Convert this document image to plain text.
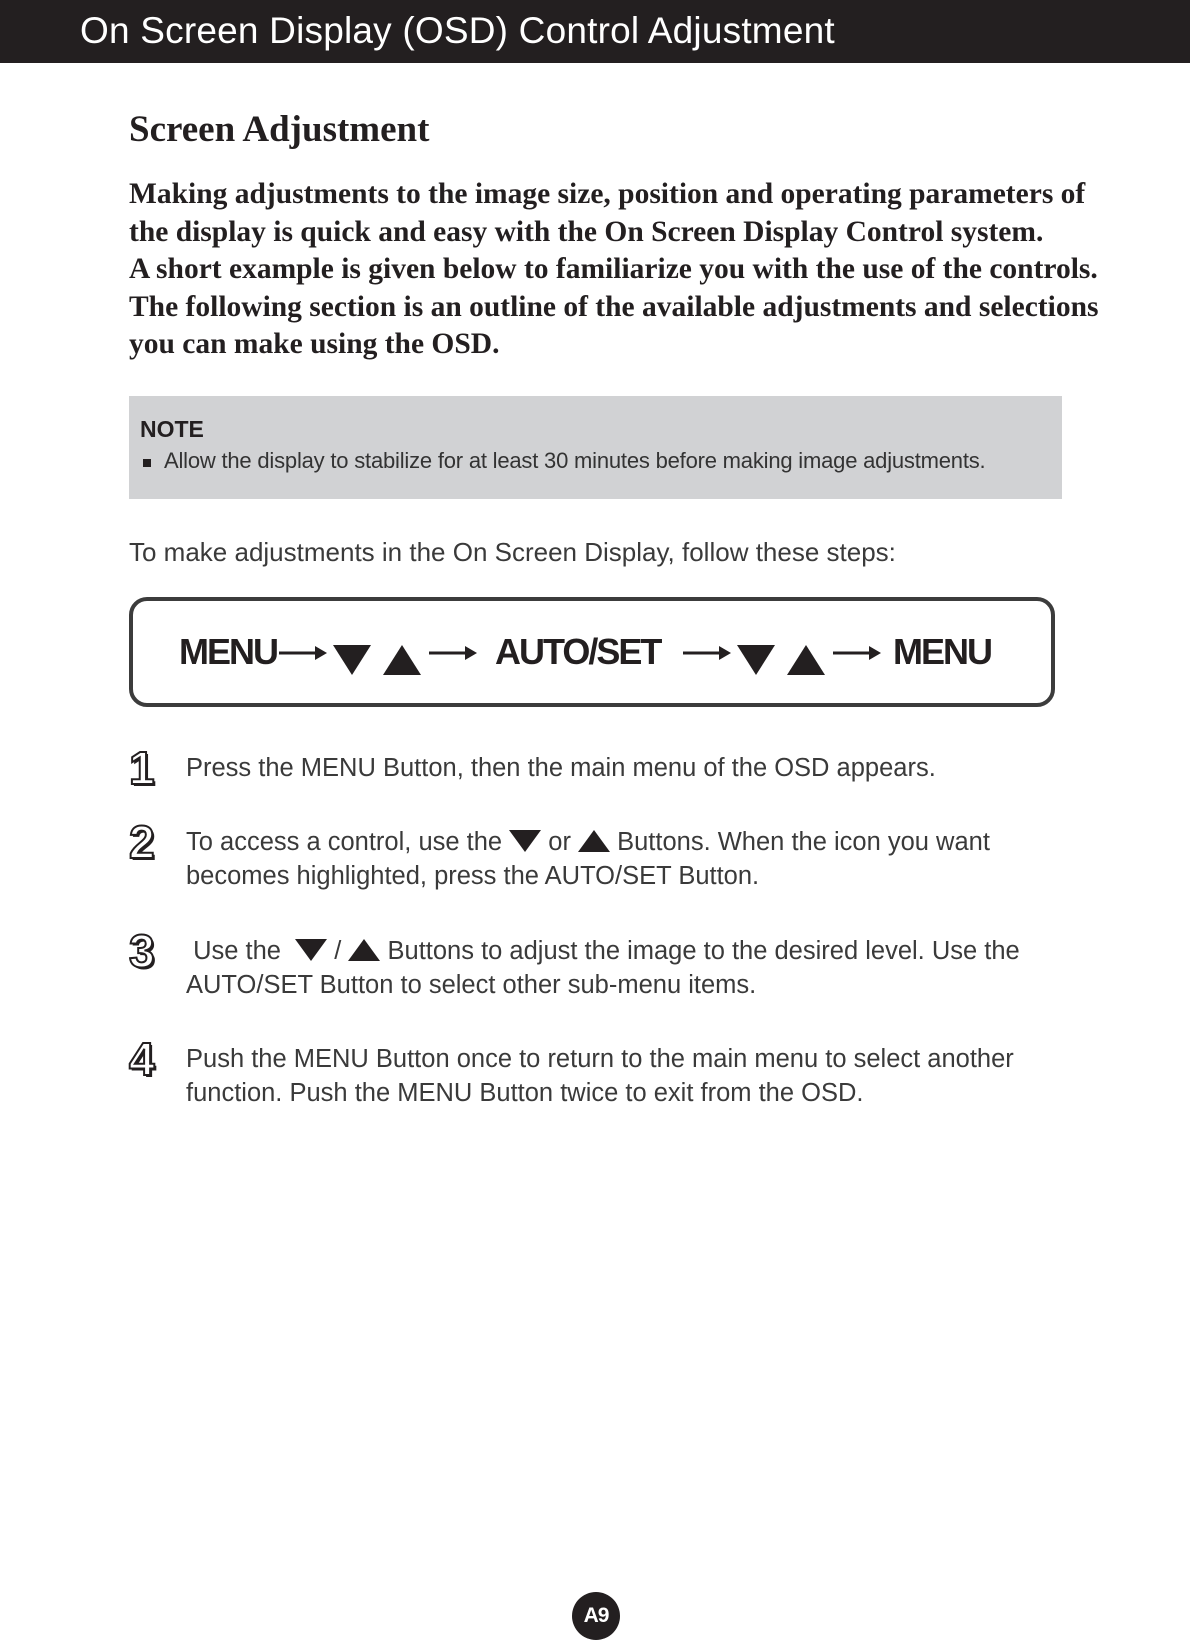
On Screen Display (OSD) Control Adjustment
Screen Adjustment

Making adjustments to the image size, position and operating parameters of

the display is quick and easy with the On Screen Display Control system.

A short example is given below to familiarize you with the use of the controls.

The following section is an outline of the available adjustments and selections

you can make using the OSD.

NOTE
Allow the display to stabilize for at least 30 minutes before making image adjustments.
To make adjustments in the On Screen Display, follow these steps:
MENU	AUTO/SET	MENU
1 Press the MENU Button, then the main menu of the OSD appears.
2 To access a control, use the  or  Buttons. When the icon you want
becomes highlighted, press the AUTO/SET Button.
3 Use the   /  Buttons to adjust the image to the desired level. Use the
AUTO/SET Button to select other sub-menu items.
4 Push the MENU Button once to return to the main menu to select another
function. Push the MENU Button twice to exit from the OSD.
A9
